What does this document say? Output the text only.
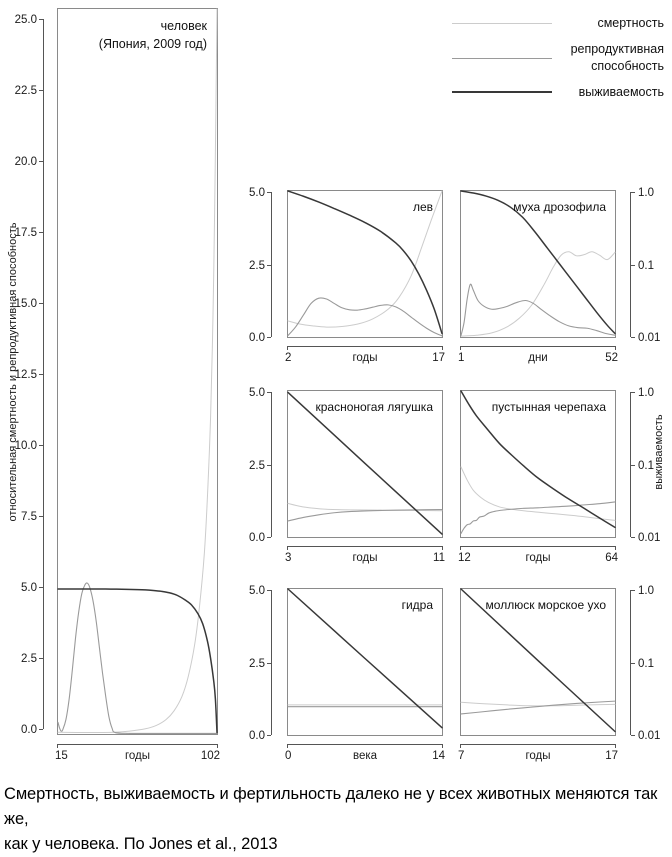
смертность
репродуктивная способность
выживаемость
человек
(Япония, 2009 год)
относительная смертность и репродуктивная способность	выживаемость
Смертность, выживаемость и фертильность далеко не у всех животных меняются так же,
как у человека. По Jones et al., 2013
лев
2	годы	17
муха дрозофила
1	дни	52
красноногая лягушка
3	годы	11
пустынная черепаха
12	годы	64
гидра
0	века	14
моллюск морское ухо
7	годы	17
5.0
2.5
0.0
1.0
0.1
0.01
5.0
2.5
0.0
1.0
0.1
0.01
5.0
2.5
0.0
1.0
0.1
0.01
25.0
22.5
20.0
17.5
15.0
12.5
10.0
7.5
5.0
2.5
0.0
15	годы	102
